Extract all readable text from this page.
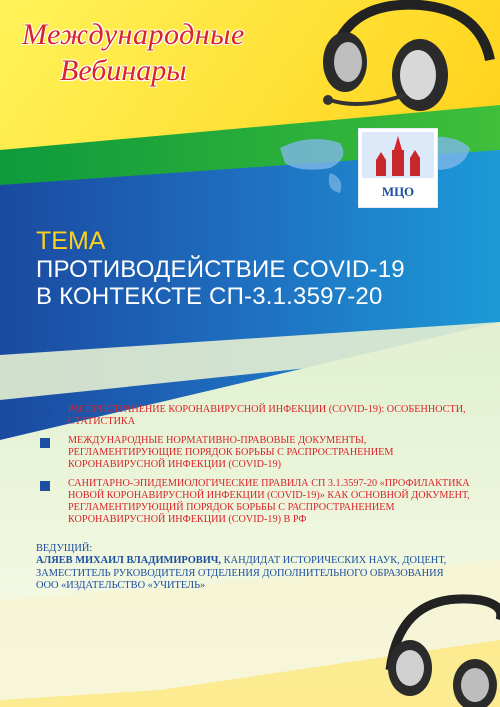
Международные
Вебинары
МЦО
ТЕМА
ПРОТИВОДЕЙСТВИЕ COVID-19
В КОНТЕКСТЕ СП-3.1.3597-20
РАСПРОСТРАНЕНИЕ КОРОНАВИРУСНОЙ ИНФЕКЦИИ (COVID-19): ОСОБЕННОСТИ, СТАТИСТИКА
МЕЖДУНАРОДНЫЕ НОРМАТИВНО-ПРАВОВЫЕ ДОКУМЕНТЫ, РЕГЛАМЕНТИРУЮЩИЕ ПОРЯДОК БОРЬБЫ С РАСПРОСТРАНЕНИЕМ КОРОНАВИРУСНОЙ ИНФЕКЦИИ (COVID-19)
САНИТАРНО-ЭПИДЕМИОЛОГИЧЕСКИЕ ПРАВИЛА СП 3.1.3597-20 «ПРОФИЛАКТИКА НОВОЙ КОРОНАВИРУСНОЙ ИНФЕКЦИИ (COVID-19)» КАК ОСНОВНОЙ ДОКУМЕНТ, РЕГЛАМЕНТИРУЮЩИЙ ПОРЯДОК БОРЬБЫ С РАСПРОСТРАНЕНИЕМ КОРОНАВИРУСНОЙ ИНФЕКЦИИ (COVID-19) В РФ
ВЕДУЩИЙ:
АЛЯЕВ МИХАИЛ ВЛАДИМИРОВИЧ, КАНДИДАТ ИСТОРИЧЕСКИХ НАУК, ДОЦЕНТ, ЗАМЕСТИТЕЛЬ РУКОВОДИТЕЛЯ ОТДЕЛЕНИЯ ДОПОЛНИТЕЛЬНОГО ОБРАЗОВАНИЯ ООО «ИЗДАТЕЛЬСТВО «УЧИТЕЛЬ»
